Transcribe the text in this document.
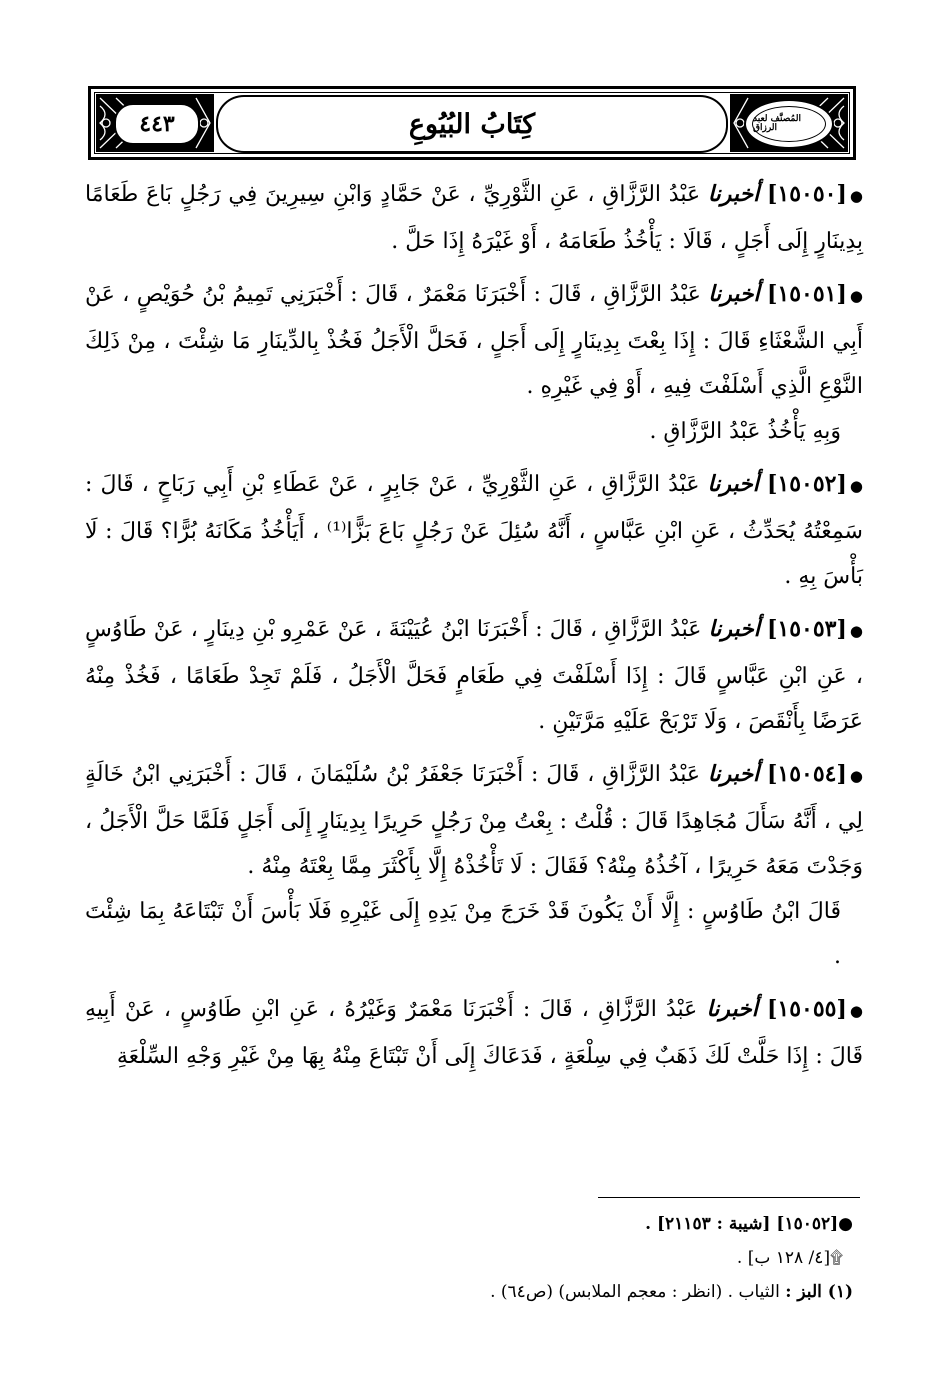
كِتَابُ البُيُوعِ
٤٤٣	المُصنَّف لعبد الرزاق

●[١٥٠٥٠] أخبرنا عَبْدُ الرَّزَّاقِ ، عَنِ الثَّوْرِيِّ ، عَنْ حَمَّادٍ وَابْنِ سِيرِينَ فِي رَجُلٍ بَاعَ طَعَامًا بِدِينَارٍ إِلَى أَجَلٍ ، قَالَا : يَأْخُذُ طَعَامَهُ ، أَوْ غَيْرَهُ إِذَا حَلَّ .

●[١٥٠٥١] أخبرنا عَبْدُ الرَّزَّاقِ ، قَالَ : أَخْبَرَنَا مَعْمَرٌ ، قَالَ : أَخْبَرَنِي تَمِيمُ بْنُ حُوَيْصٍ ، عَنْ أَبِي الشَّعْثَاءِ قَالَ : إِذَا بِعْتَ بِدِينَارٍ إِلَى أَجَلٍ ، فَحَلَّ الْأَجَلُ فَخُذْ بِالدِّينَارِ مَا شِئْتَ ، مِنْ ذَلِكَ النَّوْعِ الَّذِي أَسْلَفْتَ فِيهِ ، أَوْ فِي غَيْرِهِ .

وَبِهِ يَأْخُذُ عَبْدُ الرَّزَّاقِ .

●[١٥٠٥٢] أخبرنا عَبْدُ الرَّزَّاقِ ، عَنِ الثَّوْرِيِّ ، عَنْ جَابِرٍ ، عَنْ عَطَاءِ بْنِ أَبِي رَبَاحٍ ، قَالَ : سَمِعْتُهُ يُحَدِّثُ ، عَنِ ابْنِ عَبَّاسٍ ، أَنَّهُ سُئِلَ عَنْ رَجُلٍ بَاعَ بَزًّا⁽¹⁾ ، أَيَأْخُذُ مَكَانَهُ بُرًّا؟ قَالَ : لَا بَأْسَ بِهِ .

●[١٥٠٥٣] أخبرنا عَبْدُ الرَّزَّاقِ ، قَالَ : أَخْبَرَنَا ابْنُ عُيَيْنَةَ ، عَنْ عَمْرِو بْنِ دِينَارٍ ، عَنْ طَاوُسٍ ، عَنِ ابْنِ عَبَّاسٍ قَالَ : إِذَا أَسْلَفْتَ فِي طَعَامٍ فَحَلَّ الْأَجَلُ ، فَلَمْ تَجِدْ طَعَامًا ، فَخُذْ مِنْهُ عَرَضًا بِأَنْقَصَ ، وَلَا تَرْبَحْ عَلَيْهِ مَرَّتَيْنِ .

●[١٥٠٥٤] أخبرنا عَبْدُ الرَّزَّاقِ ، قَالَ : أَخْبَرَنَا جَعْفَرُ بْنُ سُلَيْمَانَ ، قَالَ : أَخْبَرَنِي ابْنُ خَالَةٍ لِي ، أَنَّهُ سَأَلَ مُجَاهِدًا قَالَ : قُلْتُ : بِعْتُ مِنْ رَجُلٍ حَرِيرًا بِدِينَارٍ إِلَى أَجَلٍ فَلَمَّا حَلَّ الْأَجَلُ ، وَجَدْتَ مَعَهُ حَرِيرًا ، آخُذُهُ مِنْهُ؟ فَقَالَ : لَا تَأْخُذْهُ إِلَّا بِأَكْثَرَ مِمَّا بِعْتَهُ مِنْهُ .

قَالَ ابْنُ طَاوُسٍ : إِلَّا أَنْ يَكُونَ قَدْ خَرَجَ مِنْ يَدِهِ إِلَى غَيْرِهِ فَلَا بَأْسَ أَنْ تَبْتَاعَهُ بِمَا شِئْتَ .

●[١٥٠٥٥] أخبرنا عَبْدُ الرَّزَّاقِ ، قَالَ : أَخْبَرَنَا مَعْمَرٌ وَغَيْرُهُ ، عَنِ ابْنِ طَاوُسٍ ، عَنْ أَبِيهِ قَالَ : إِذَا حَلَّتْ لَكَ ذَهَبٌ فِي سِلْعَةٍ ، فَدَعَاكَ إِلَى أَنْ تَبْتَاعَ مِنْهُ بِهَا مِنْ غَيْرِ وَجْهِ السِّلْعَةِ

●[١٥٠٥٢] [شيبة : ٢١١٥٣] .
۩[٤/ ١٢٨ ب] .
(١) البز : الثياب . (انظر : معجم الملابس) (ص٦٤) .
